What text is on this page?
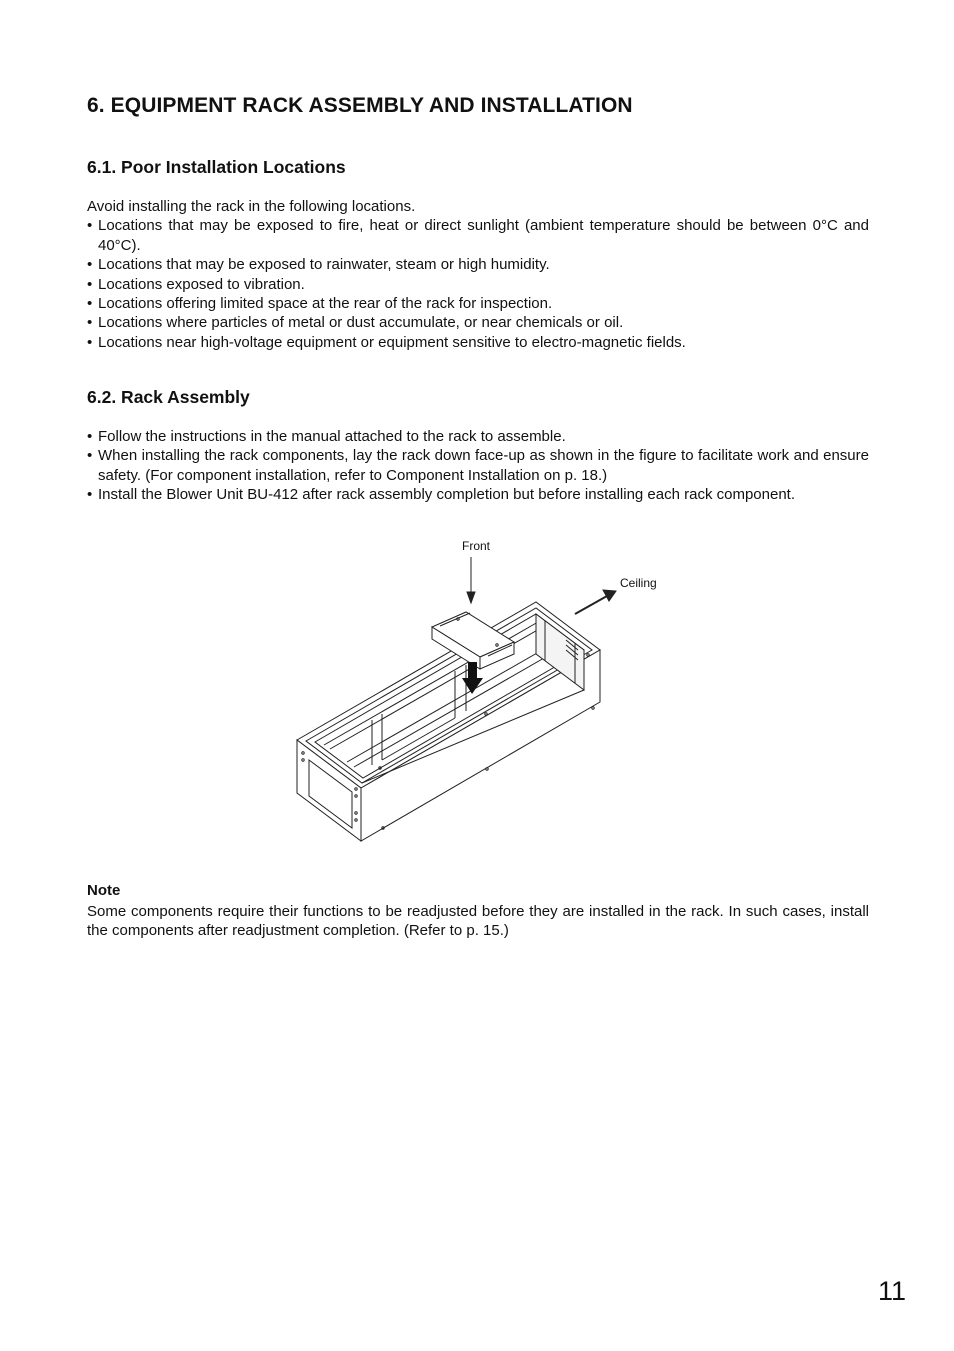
6. EQUIPMENT RACK ASSEMBLY AND INSTALLATION
6.1. Poor Installation Locations
Avoid installing the rack in the following locations.
• Locations that may be exposed to fire, heat or direct sunlight (ambient temperature should be between 0°C and 40°C).
• Locations that may be exposed to rainwater, steam or high humidity.
• Locations exposed to vibration.
• Locations offering limited space at the rear of the rack for inspection.
• Locations where particles of metal or dust accumulate, or near chemicals or oil.
• Locations near high-voltage equipment or equipment sensitive to electro-magnetic fields.
6.2. Rack Assembly
• Follow the instructions in the manual attached to the rack to assemble.
• When installing the rack components, lay the rack down face-up as shown in the figure to facilitate work and ensure safety. (For component installation, refer to Component Installation on p. 18.)
• Install the Blower Unit BU-412 after rack assembly completion but before installing each rack component.
Front
Ceiling
Note
Some components require their functions to be readjusted before they are installed in the rack. In such cases, install the components after readjustment completion. (Refer to p. 15.)
11
